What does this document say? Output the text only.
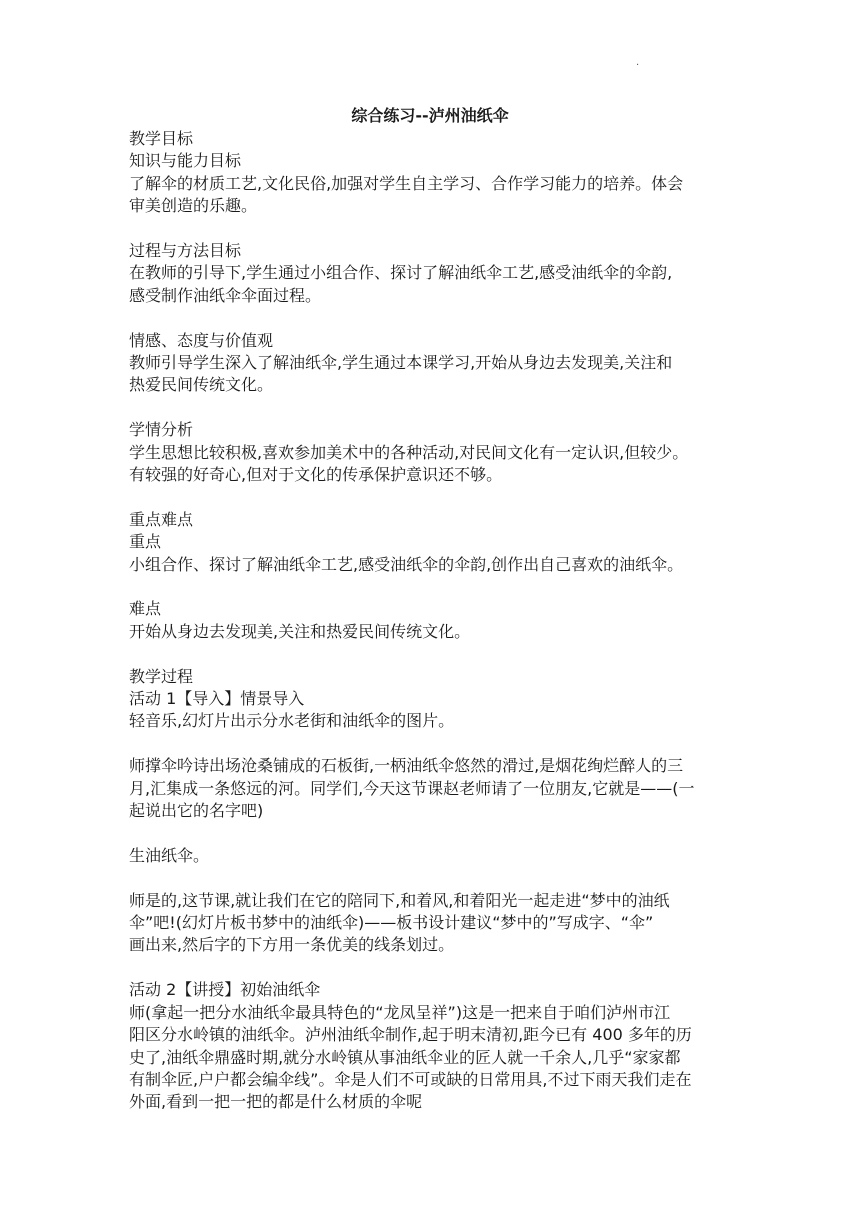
.
综合练习--泸州油纸伞

教学目标

知识与能力目标

了解伞的材质工艺,文化民俗,加强对学生自主学习、合作学习能力的培养。体会

审美创造的乐趣。

过程与方法目标

在教师的引导下,学生通过小组合作、探讨了解油纸伞工艺,感受油纸伞的伞韵,

感受制作油纸伞伞面过程。

情感、态度与价值观

教师引导学生深入了解油纸伞,学生通过本课学习,开始从身边去发现美,关注和

热爱民间传统文化。

学情分析

学生思想比较积极,喜欢参加美术中的各种活动,对民间文化有一定认识,但较少。

有较强的好奇心,但对于文化的传承保护意识还不够。

重点难点

重点

小组合作、探讨了解油纸伞工艺,感受油纸伞的伞韵,创作出自己喜欢的油纸伞。

难点

开始从身边去发现美,关注和热爱民间传统文化。

教学过程

活动 1【导入】情景导入

轻音乐,幻灯片出示分水老街和油纸伞的图片。

师撑伞吟诗出场沧桑铺成的石板街,一柄油纸伞悠然的滑过,是烟花绚烂醉人的三

月,汇集成一条悠远的河。同学们,今天这节课赵老师请了一位朋友,它就是——(一

起说出它的名字吧)

生油纸伞。

师是的,这节课,就让我们在它的陪同下,和着风,和着阳光一起走进“梦中的油纸

伞”吧!(幻灯片板书梦中的油纸伞)——板书设计建议“梦中的”写成字、“伞”

画出来,然后字的下方用一条优美的线条划过。

活动 2【讲授】初始油纸伞

师(拿起一把分水油纸伞最具特色的“龙凤呈祥”)这是一把来自于咱们泸州市江

阳区分水岭镇的油纸伞。泸州油纸伞制作,起于明末清初,距今已有 400 多年的历

史了,油纸伞鼎盛时期,就分水岭镇从事油纸伞业的匠人就一千余人,几乎“家家都

有制伞匠,户户都会编伞线”。伞是人们不可或缺的日常用具,不过下雨天我们走在

外面,看到一把一把的都是什么材质的伞呢
